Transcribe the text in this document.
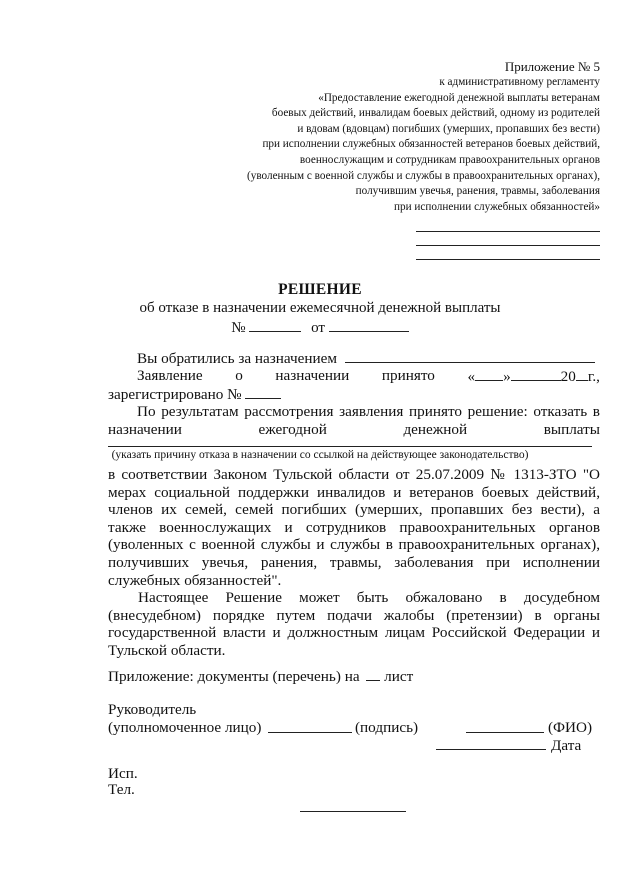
Приложение № 5
к административному регламенту
«Предоставление ежегодной денежной выплаты ветеранам
боевых действий, инвалидам боевых действий, одному из родителей
и вдовам (вдовцам) погибших (умерших, пропавших без вести)
при исполнении служебных обязанностей ветеранов боевых действий,
военнослужащим и сотрудникам правоохранительных органов
(уволенным с военной службы и службы в правоохранительных органах),
получившим увечья, ранения, травмы, заболевания
при исполнении служебных обязанностей»
РЕШЕНИЕ
об отказе в назначении ежемесячной денежной выплаты
№	от
Вы обратились за назначением
Заявление о назначении принято « »	20 г.,
зарегистрировано №
По результатам рассмотрения заявления принято решение: отказать в
назначении	ежегодной	денежной	выплаты
(указать причину отказа в назначении со ссылкой на действующее законодательство)
в соответствии Законом Тульской области от 25.07.2009 № 1313-ЗТО "О мерах социальной поддержки инвалидов и ветеранов боевых действий, членов их семей, семей погибших (умерших, пропавших без вести), а также военнослужащих и сотрудников правоохранительных органов (уволенных с военной службы и службы в правоохранительных органах), получивших увечья, ранения, травмы, заболевания при исполнении служебных обязанностей".
Настоящее Решение может быть обжаловано в досудебном (внесудебном) порядке путем подачи жалобы (претензии) в органы государственной власти и должностным лицам Российской Федерации и Тульской области.
Приложение: документы (перечень) на лист
Руководитель
(уполномоченное лицо)	(подпись)	(ФИО)
Дата
Исп.
Тел.
